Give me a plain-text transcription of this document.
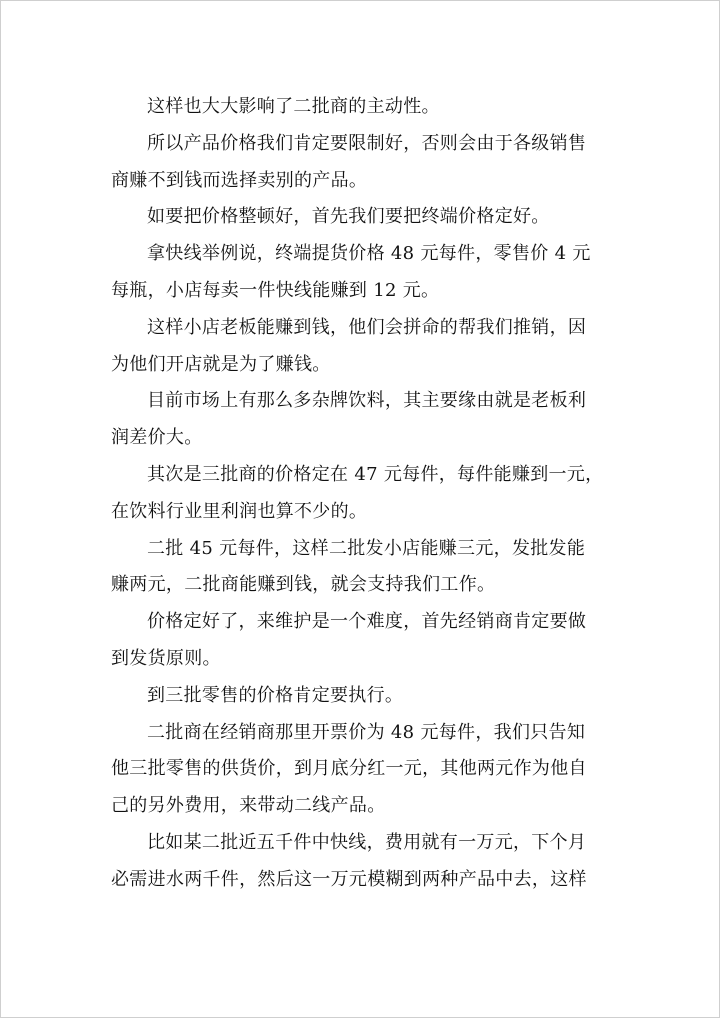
这样也大大影响了二批商的主动性。

所以产品价格我们肯定要限制好，否则会由于各级销售
商赚不到钱而选择卖别的产品。

如要把价格整顿好，首先我们要把终端价格定好。

拿快线举例说，终端提货价格 48 元每件，零售价 4 元
每瓶，小店每卖一件快线能赚到 12 元。

这样小店老板能赚到钱，他们会拼命的帮我们推销，因
为他们开店就是为了赚钱。

目前市场上有那么多杂牌饮料，其主要缘由就是老板利
润差价大。

其次是三批商的价格定在 47 元每件，每件能赚到一元，
在饮料行业里利润也算不少的。

二批 45 元每件，这样二批发小店能赚三元，发批发能
赚两元，二批商能赚到钱，就会支持我们工作。

价格定好了，来维护是一个难度，首先经销商肯定要做
到发货原则。

到三批零售的价格肯定要执行。

二批商在经销商那里开票价为 48 元每件，我们只告知
他三批零售的供货价，到月底分红一元，其他两元作为他自
己的另外费用，来带动二线产品。

比如某二批近五千件中快线，费用就有一万元，下个月
必需进水两千件，然后这一万元模糊到两种产品中去，这样
